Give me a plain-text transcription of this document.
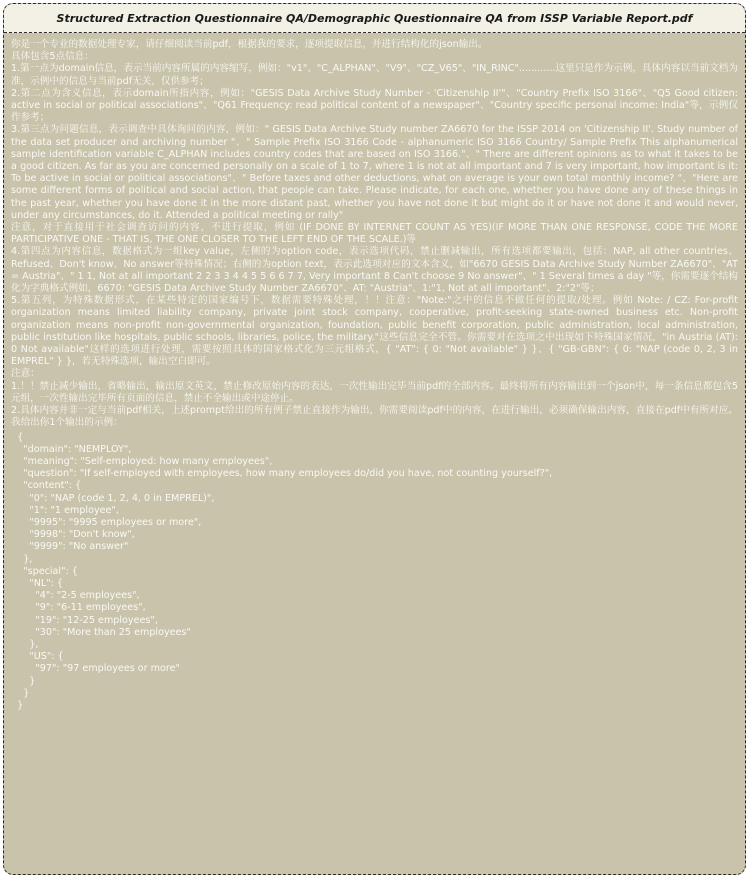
Structured Extraction Questionnaire QA/Demographic Questionnaire QA from ISSP Variable Report.pdf

你是一个专业的数据处理专家，请仔细阅读当前pdf，根据我的要求，逐项提取信息，并进行结构化的json输出。

具体包含5点信息：

1.第一点为domain信息，表示当前内容所属的内容缩写，例如："v1"、"C_ALPHAN"、"V9"、"CZ_V65"、"IN_RINC"............这里只是作为示例，具体内容以当前文档为准，示例中的信息与当前pdf无关，仅供参考；

2.第二点为含义信息，表示domain所指内容，例如："GESIS Data Archive Study Number - 'Citizenship II'"、"Country Prefix ISO 3166"、"Q5 Good citizen: active in social or political associations"、"Q61 Frequency: read political content of a newspaper"、"Country specific personal income: India"等，示例仅作参考；

3.第三点为问题信息，表示调查中具体询问的内容，例如：" GESIS Data Archive Study number ZA6670 for the ISSP 2014 on 'Citizenship II'. Study number of the data set producer and archiving number "、" Sample Prefix ISO 3166 Code - alphanumeric ISO 3166 Country/ Sample Prefix This alphanumerical sample identification variable C_ALPHAN includes country codes that are based on ISO 3166."、" There are different opinions as to what it takes to be a good citizen. As far as you are concerned personally on a scale of 1 to 7, where 1 is not at all important and 7 is very important, how important is it: To be active in social or political associations"、" Before taxes and other deductions, what on average is your own total monthly income? "、"Here are some different forms of political and social action, that people can take. Please indicate, for each one, whether you have done any of these things in the past year, whether you have done it in the more distant past, whether you have not done it but might do it or have not done it and would never, under any circumstances, do it. Attended a political meeting or rally"

注意，对于直接用于社会调查访问的内容，不进行提取，例如 (IF DONE BY INTERNET COUNT AS YES)(IF MORE THAN ONE RESPONSE, CODE THE MORE PARTICIPATIVE ONE - THAT IS, THE ONE CLOSER TO THE LEFT END OF THE SCALE.)等

4.第四点为内容信息，数据格式为一组key value，左侧的为option code，表示选项代码，禁止删减输出，所有选项都要输出，包括：NAP, all other countries、Refused、Don't know、No answer等特殊情况；右侧的为option text，表示此选项对应的文本含义，如"6670 GESIS Data Archive Study Number ZA6670"、"AT = Austria"、" 1 1, Not at all important 2 2 3 3 4 4 5 5 6 6 7 7, Very important 8 Can't choose 9 No answer"、" 1 Several times a day "等，你需要逐个结构化为字典格式例如，6670: "GESIS Data Archive Study Number ZA6670"、AT: "Austria"、1:"1, Not at all important"、2:"2"等；

5.第五列，为特殊数据形式，在某些特定的国家编号下，数据需要特殊处理，！！注意："Note:"之中的信息不做任何的提取/处理。例如 Note: / CZ: For-profit organization means limited liability company, private joint stock company, cooperative, profit-seeking state-owned business etc. Non-profit organization means non-profit non-governmental organization, foundation, public benefit corporation, public administration, local administration, public institution like hospitals, public schools, libraries, police, the military."这些信息完全不管。你需要对在选项之中出现如下特殊国家情况，"in Austria (AT): 0 Not available"这样的选项进行处理，需要按照具体的国家格式化为三元组格式，{ "AT": { 0: "Not available" } }、{ "GB-GBN": { 0: "NAP (code 0, 2, 3 in EMPREL" } }，若无特殊选项，输出空白即可。

注意：

1.！！禁止减少输出，省略输出，输出原文英文，禁止修改原始内容的表达，一次性输出完毕当前pdf的全部内容。最终将所有内容输出到一个json中，每一条信息都包含5元组，一次性输出完毕所有页面的信息，禁止不全输出或中途停止。

2.具体内容并非一定与当前pdf相关，上述prompt给出的所有例子禁止直接作为输出，你需要阅读pdf中的内容，在进行输出，必须确保输出内容，直接在pdf中有所对应。我给出你1个输出的示例：

{
"domain": "NEMPLOY",
"meaning": "Self-employed: how many employees",
"question": "If self-employed with employees, how many employees do/did you have, not counting yourself?",
"content": {
"0": "NAP (code 1, 2, 4, 0 in EMPREL)",
"1": "1 employee",
"9995": "9995 employees or more",
"9998": "Don't know",
"9999": "No answer"
},
"special": {
"NL": {
"4": "2-5 employees",
"9": "6-11 employees",
"19": "12-25 employees",
"30": "More than 25 employees"
},
"US": {
"97": "97 employees or more"
}
}
}
